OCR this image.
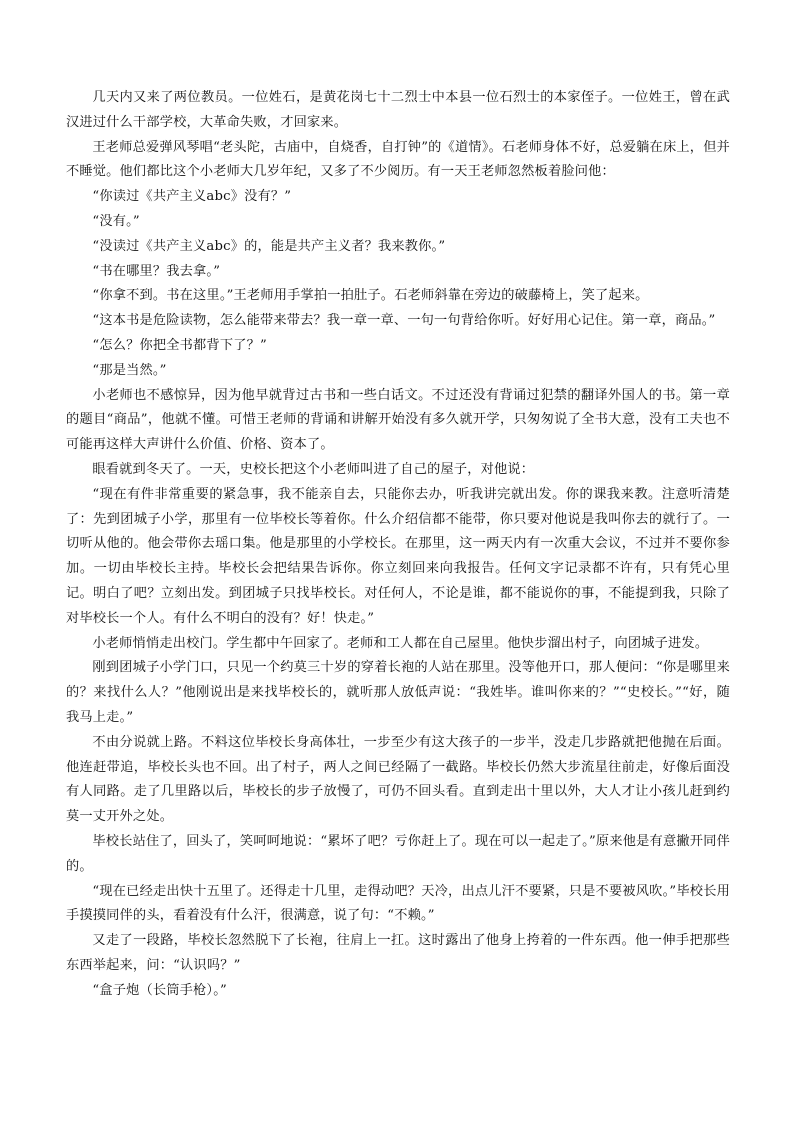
几天内又来了两位教员。一位姓石，是黄花岗七十二烈士中本县一位石烈士的本家侄子。一位姓王，曾在武汉进过什么干部学校，大革命失败，才回家来。

王老师总爱弹风琴唱“老头陀，古庙中，自烧香，自打钟”的《道情》。石老师身体不好，总爱躺在床上，但并不睡觉。他们都比这个小老师大几岁年纪，又多了不少阅历。有一天王老师忽然板着脸问他：

“你读过《共产主义abc》没有？”

“没有。”

“没读过《共产主义abc》的，能是共产主义者？我来教你。”

“书在哪里？我去拿。”

“你拿不到。书在这里。”王老师用手掌拍一拍肚子。石老师斜靠在旁边的破藤椅上，笑了起来。

“这本书是危险读物，怎么能带来带去？我一章一章、一句一句背给你听。好好用心记住。第一章，商品。”

“怎么？你把全书都背下了？”

“那是当然。”

小老师也不感惊异，因为他早就背过古书和一些白话文。不过还没有背诵过犯禁的翻译外国人的书。第一章的题目“商品”，他就不懂。可惜王老师的背诵和讲解开始没有多久就开学，只匆匆说了全书大意，没有工夫也不可能再这样大声讲什么价值、价格、资本了。

眼看就到冬天了。一天，史校长把这个小老师叫进了自己的屋子，对他说：

“现在有件非常重要的紧急事，我不能亲自去，只能你去办，听我讲完就出发。你的课我来教。注意听清楚了：先到团城子小学，那里有一位毕校长等着你。什么介绍信都不能带，你只要对他说是我叫你去的就行了。一切听从他的。他会带你去瑶口集。他是那里的小学校长。在那里，这一两天内有一次重大会议，不过并不要你参加。一切由毕校长主持。毕校长会把结果告诉你。你立刻回来向我报告。任何文字记录都不许有，只有凭心里记。明白了吧？立刻出发。到团城子只找毕校长。对任何人，不论是谁，都不能说你的事，不能提到我，只除了对毕校长一个人。有什么不明白的没有？好！快走。”

小老师悄悄走出校门。学生都中午回家了。老师和工人都在自己屋里。他快步溜出村子，向团城子进发。

刚到团城子小学门口，只见一个约莫三十岁的穿着长袍的人站在那里。没等他开口，那人便问：“你是哪里来的？来找什么人？”他刚说出是来找毕校长的，就听那人放低声说：“我姓毕。谁叫你来的？”“史校长。”“好，随我马上走。”

不由分说就上路。不料这位毕校长身高体壮，一步至少有这大孩子的一步半，没走几步路就把他抛在后面。他连赶带追，毕校长头也不回。出了村子，两人之间已经隔了一截路。毕校长仍然大步流星往前走，好像后面没有人同路。走了几里路以后，毕校长的步子放慢了，可仍不回头看。直到走出十里以外，大人才让小孩儿赶到约莫一丈开外之处。

毕校长站住了，回头了，笑呵呵地说：“累坏了吧？亏你赶上了。现在可以一起走了。”原来他是有意撇开同伴的。

“现在已经走出快十五里了。还得走十几里，走得动吧？天冷，出点儿汗不要紧，只是不要被风吹。”毕校长用手摸摸同伴的头，看着没有什么汗，很满意，说了句：“不赖。”

又走了一段路，毕校长忽然脱下了长袍，往肩上一扛。这时露出了他身上挎着的一件东西。他一伸手把那些东西举起来，问：“认识吗？”

“盒子炮（长筒手枪）。”
